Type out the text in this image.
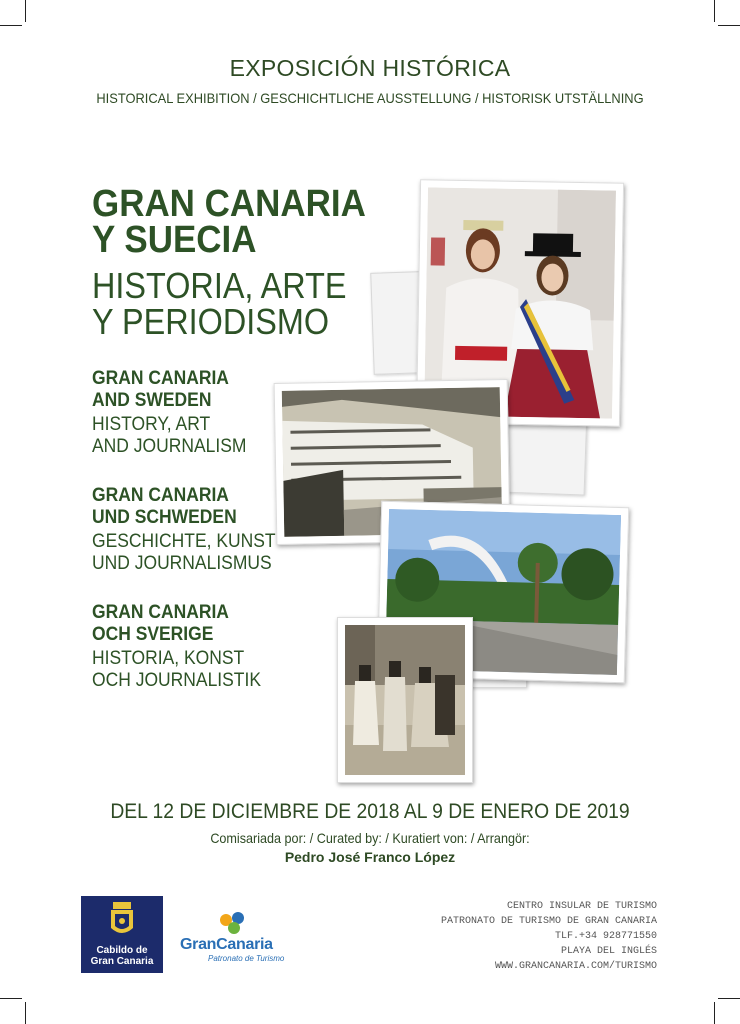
EXPOSICIÓN HISTÓRICA
HISTORICAL EXHIBITION / GESCHICHTLICHE AUSSTELLUNG / HISTORISK UTSTÄLLNING
GRAN CANARIA
Y SUECIA
HISTORIA, ARTE
Y PERIODISMO
GRAN CANARIA
AND SWEDEN
HISTORY, ART
AND JOURNALISM
GRAN CANARIA
UND SCHWEDEN
GESCHICHTE, KUNST
UND JOURNALISMUS
GRAN CANARIA
OCH SVERIGE
HISTORIA, KONST
OCH JOURNALISTIK
DEL 12 DE DICIEMBRE DE 2018 AL 9 DE ENERO DE 2019
Comisariada por: / Curated by: / Kuratiert von: / Arrangör:
Pedro José Franco López
Cabildo de
Gran Canaria
GranCanaria
Patronato de Turismo
CENTRO INSULAR DE TURISMO
PATRONATO DE TURISMO DE GRAN CANARIA
TLF.+34 928771550
PLAYA DEL INGLÉS
WWW.GRANCANARIA.COM/TURISMO
